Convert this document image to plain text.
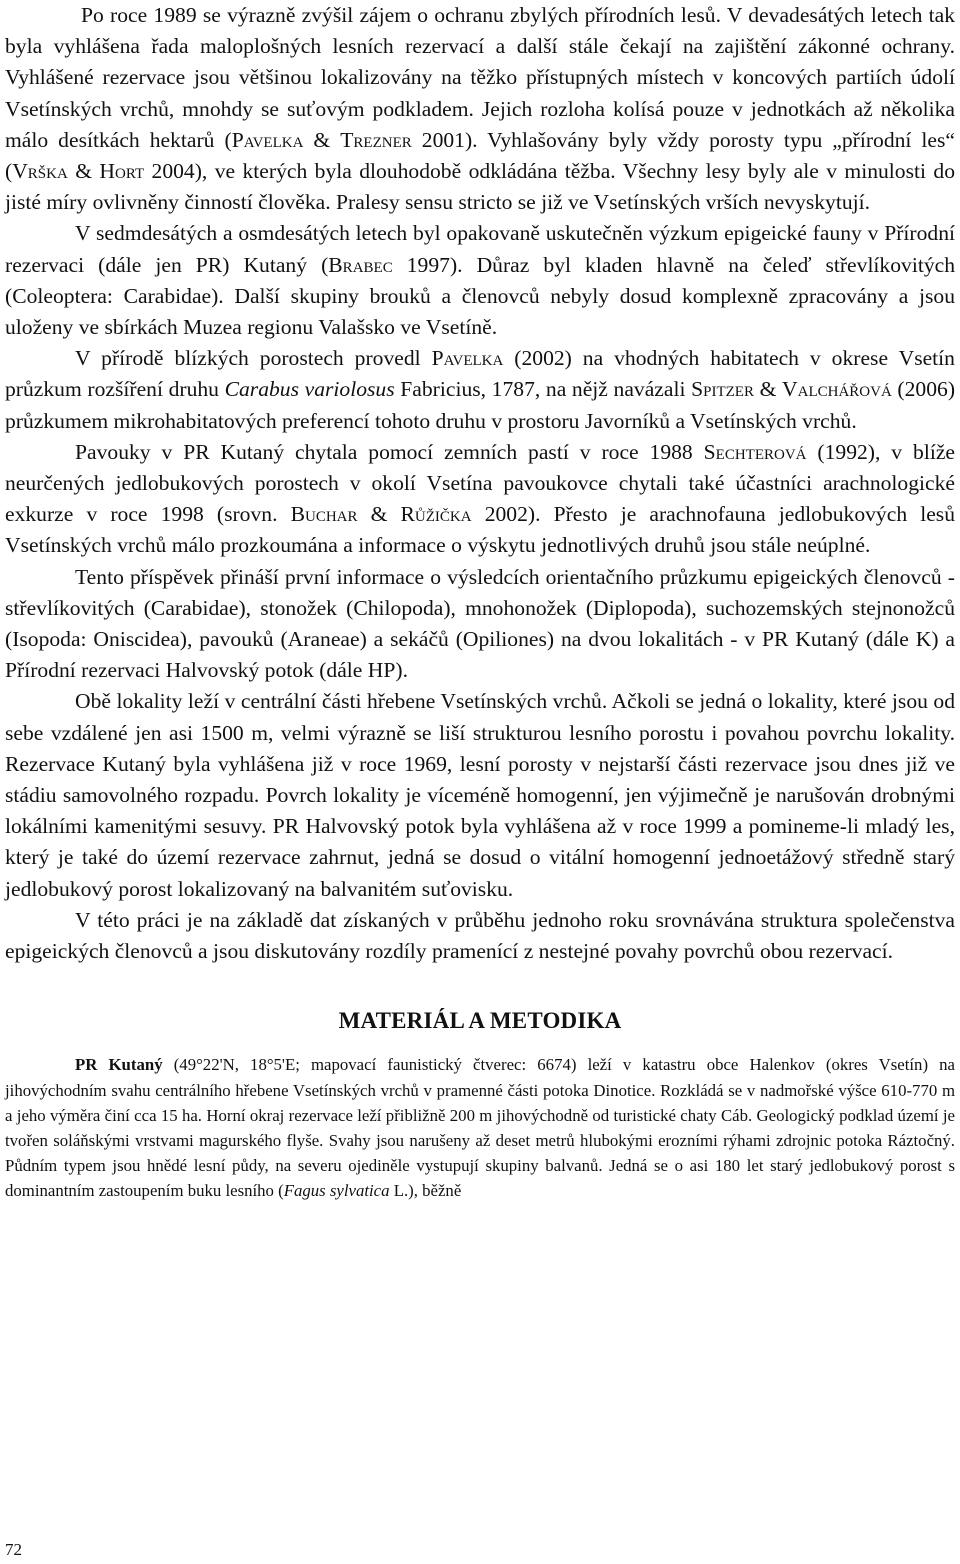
Po roce 1989 se výrazně zvýšil zájem o ochranu zbylých přírodních lesů. V devadesátých letech tak byla vyhlášena řada maloplošných lesních rezervací a další stále čekají na zajištění zákonné ochrany. Vyhlášené rezervace jsou většinou lokalizovány na těžko přístupných místech v koncových partiích údolí Vsetínských vrchů, mnohdy se suťovým podkladem. Jejich rozloha kolísá pouze v jednotkách až několika málo desítkách hektarů (Pavelka & Trezner 2001). Vyhlašovány byly vždy porosty typu „přírodní les“ (Vrška & Hort 2004), ve kterých byla dlouhodobě odkládána těžba. Všechny lesy byly ale v minulosti do jisté míry ovlivněny činností člověka. Pralesy sensu stricto se již ve Vsetínských vrších nevyskytují.

V sedmdesátých a osmdesátých letech byl opakovaně uskutečněn výzkum epigeické fauny v Přírodní rezervaci (dále jen PR) Kutaný (Brabec 1997). Důraz byl kladen hlavně na čeleď střevlíkovitých (Coleoptera: Carabidae). Další skupiny brouků a členovců nebyly dosud komplexně zpracovány a jsou uloženy ve sbírkách Muzea regionu Valašsko ve Vsetíně.

V přírodě blízkých porostech provedl Pavelka (2002) na vhodných habitatech v okrese Vsetín průzkum rozšíření druhu Carabus variolosus Fabricius, 1787, na nějž navázali Spitzer & Valchářová (2006) průzkumem mikrohabitatových preferencí tohoto druhu v prostoru Javorníků a Vsetínských vrchů.

Pavouky v PR Kutaný chytala pomocí zemních pastí v roce 1988 Sechterová (1992), v blíže neurčených jedlobukových porostech v okolí Vsetína pavoukovce chytali také účastníci arachnologické exkurze v roce 1998 (srovn. Buchar & Růžička 2002). Přesto je arachnofauna jedlobukových lesů Vsetínských vrchů málo prozkoumána a informace o výskytu jednotlivých druhů jsou stále neúplné.

Tento příspěvek přináší první informace o výsledcích orientačního průzkumu epigeických členovců - střevlíkovitých (Carabidae), stonožek (Chilopoda), mnohonožek (Diplopoda), suchozemských stejnonožců (Isopoda: Oniscidea), pavouků (Araneae) a sekáčů (Opiliones) na dvou lokalitách - v PR Kutaný (dále K) a Přírodní rezervaci Halvovský potok (dále HP).

Obě lokality leží v centrální části hřebene Vsetínských vrchů. Ačkoli se jedná o lokality, které jsou od sebe vzdálené jen asi 1500 m, velmi výrazně se liší strukturou lesního porostu i povahou povrchu lokality. Rezervace Kutaný byla vyhlášena již v roce 1969, lesní porosty v nejstarší části rezervace jsou dnes již ve stádiu samovolného rozpadu. Povrch lokality je víceméně homogenní, jen výjimečně je narušován drobnými lokálními kamenitými sesuvy. PR Halvovský potok byla vyhlášena až v roce 1999 a pomineme-li mladý les, který je také do území rezervace zahrnut, jedná se dosud o vitální homogenní jednoetážový středně starý jedlobukový porost lokalizovaný na balvanitém suťovisku.

V této práci je na základě dat získaných v průběhu jednoho roku srovnávána struktura společenstva epigeických členovců a jsou diskutovány rozdíly pramenící z nestejné povahy povrchů obou rezervací.

MATERIÁL A METODIKA

PR Kutaný (49°22'N, 18°5'E; mapovací faunistický čtverec: 6674) leží v katastru obce Halenkov (okres Vsetín) na jihovýchodním svahu centrálního hřebene Vsetínských vrchů v pramenné části potoka Dinotice. Rozkládá se v nadmořské výšce 610-770 m a jeho výměra činí cca 15 ha. Horní okraj rezervace leží přibližně 200 m jihovýchodně od turistické chaty Cáb. Geologický podklad území je tvořen soláňskými vrstvami magurského flyše. Svahy jsou narušeny až deset metrů hlubokými erozními rýhami zdrojnic potoka Ráztočný. Půdním typem jsou hnědé lesní půdy, na severu ojediněle vystupují skupiny balvanů. Jedná se o asi 180 let starý jedlobukový porost s dominantním zastoupením buku lesního (Fagus sylvatica L.), běžně

72
